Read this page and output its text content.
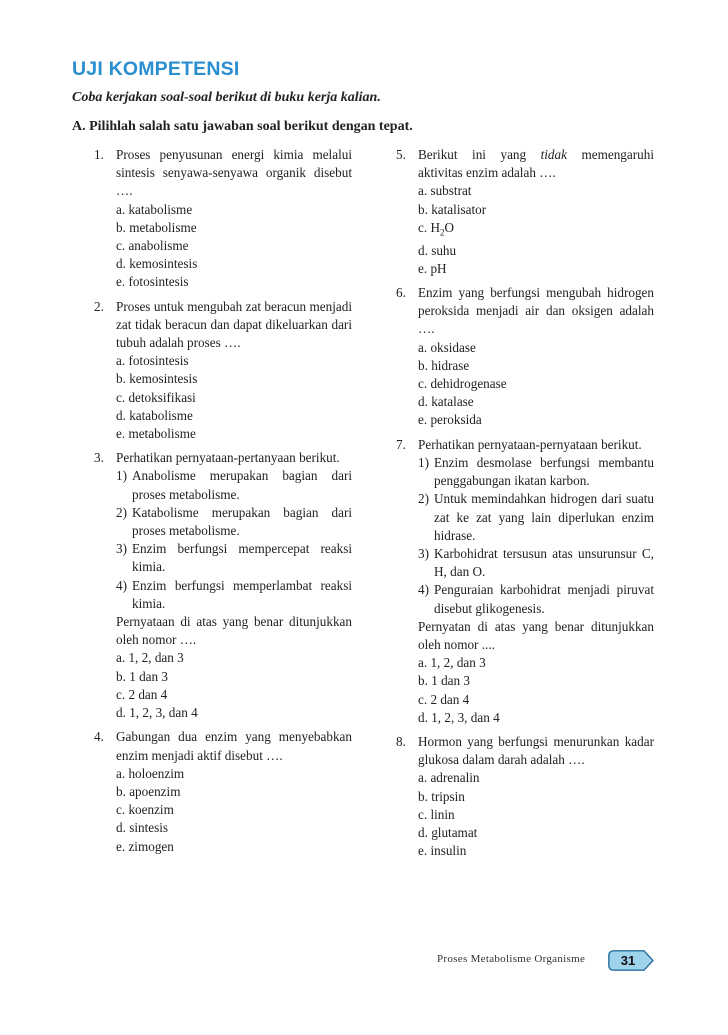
UJI KOMPETENSI
Coba kerjakan soal-soal berikut di buku kerja kalian.
A. Pilihlah salah satu jawaban soal berikut dengan tepat.
1. Proses penyusunan energi kimia melalui sintesis senyawa-senyawa organik disebut ….
a. katabolisme
b. metabolisme
c. anabolisme
d. kemosintesis
e. fotosintesis
2. Proses untuk mengubah zat beracun menjadi zat tidak beracun dan dapat dikeluarkan dari tubuh adalah proses ….
a. fotosintesis
b. kemosintesis
c. detoksifikasi
d. katabolisme
e. metabolisme
3. Perhatikan pernyataan-pertanyaan berikut.
1) Anabolisme merupakan bagian dari proses metabolisme.
2) Katabolisme merupakan bagian dari proses metabolisme.
3) Enzim berfungsi mempercepat reaksi kimia.
4) Enzim berfungsi memperlambat reaksi kimia.
Pernyataan di atas yang benar ditunjukkan oleh nomor ….
a. 1, 2, dan 3
b. 1 dan 3
c. 2 dan 4
d. 1, 2, 3, dan 4
4. Gabungan dua enzim yang menyebabkan enzim menjadi aktif disebut ….
a. holoenzim
b. apoenzim
c. koenzim
d. sintesis
e. zimogen
5. Berikut ini yang tidak memengaruhi aktivitas enzim adalah ….
a. substrat
b. katalisator
c. $H_2O$
d. suhu
e. pH
6. Enzim yang berfungsi mengubah hidrogen peroksida menjadi air dan oksigen adalah ….
a. oksidase
b. hidrase
c. dehidrogenase
d. katalase
e. peroksida
7. Perhatikan pernyataan-pernyataan berikut.
1) Enzim desmolase berfungsi membantu penggabungan ikatan karbon.
2) Untuk memindahkan hidrogen dari suatu zat ke zat yang lain diperlukan enzim hidrase.
3) Karbohidrat tersusun atas unsurunsur C, H, dan O.
4) Penguraian karbohidrat menjadi piruvat disebut glikogenesis.
Pernyatan di atas yang benar ditunjukkan oleh nomor ....
a. 1, 2, dan 3
b. 1 dan 3
c. 2 dan 4
d. 1, 2, 3, dan 4
8. Hormon yang berfungsi menurunkan kadar glukosa dalam darah adalah ….
a. adrenalin
b. tripsin
c. linin
d. glutamat
e. insulin
Proses Metabolisme Organisme	31
